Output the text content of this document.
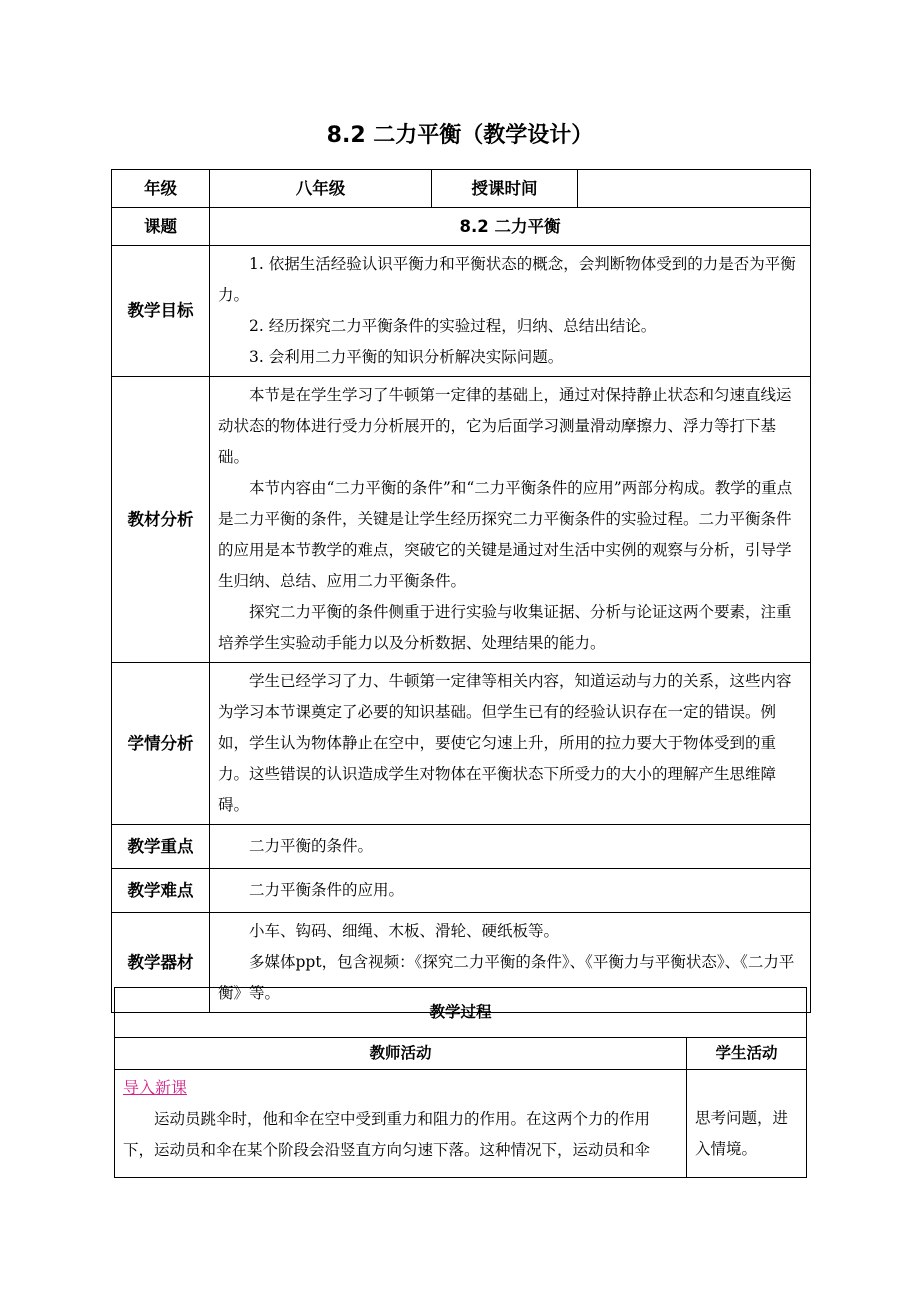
8.2 二力平衡（教学设计）
年级	八年级	授课时间	
课题	8.2 二力平衡		
教学目标	1. 依据生活经验认识平衡力和平衡状态的概念，会判断物体受到的力是否为平衡力。

2. 经历探究二力平衡条件的实验过程，归纳、总结出结论。

3. 会利用二力平衡的知识分析解决实际问题。		

教材分析	本节是在学生学习了牛顿第一定律的基础上，通过对保持静止状态和匀速直线运动状态的物体进行受力分析展开的，它为后面学习测量滑动摩擦力、浮力等打下基础。

本节内容由“二力平衡的条件”和“二力平衡条件的应用”两部分构成。教学的重点是二力平衡的条件，关键是让学生经历探究二力平衡条件的实验过程。二力平衡条件的应用是本节教学的难点，突破它的关键是通过对生活中实例的观察与分析，引导学生归纳、总结、应用二力平衡条件。

探究二力平衡的条件侧重于进行实验与收集证据、分析与论证这两个要素，注重培养学生实验动手能力以及分析数据、处理结果的能力。		

学情分析	学生已经学习了力、牛顿第一定律等相关内容，知道运动与力的关系，这些内容为学习本节课奠定了必要的知识基础。但学生已有的经验认识存在一定的错误。例如，学生认为物体静止在空中，要使它匀速上升，所用的拉力要大于物体受到的重力。这些错误的认识造成学生对物体在平衡状态下所受力的大小的理解产生思维障碍。		

教学重点	二力平衡的条件。		

教学难点	二力平衡条件的应用。		

教学器材	小车、钩码、细绳、木板、滑轮、硬纸板等。

多媒体ppt，包含视频：《探究二力平衡的条件》、《平衡力与平衡状态》、《二力平衡》等。		

教学过程	
教师活动	学生活动

导入新课

运动员跳伞时，他和伞在空中受到重力和阻力的作用。在这两个力的作用下，运动员和伞在某个阶段会沿竖直方向匀速下落。这种情况下，运动员和伞	思考问题，进入情境。
